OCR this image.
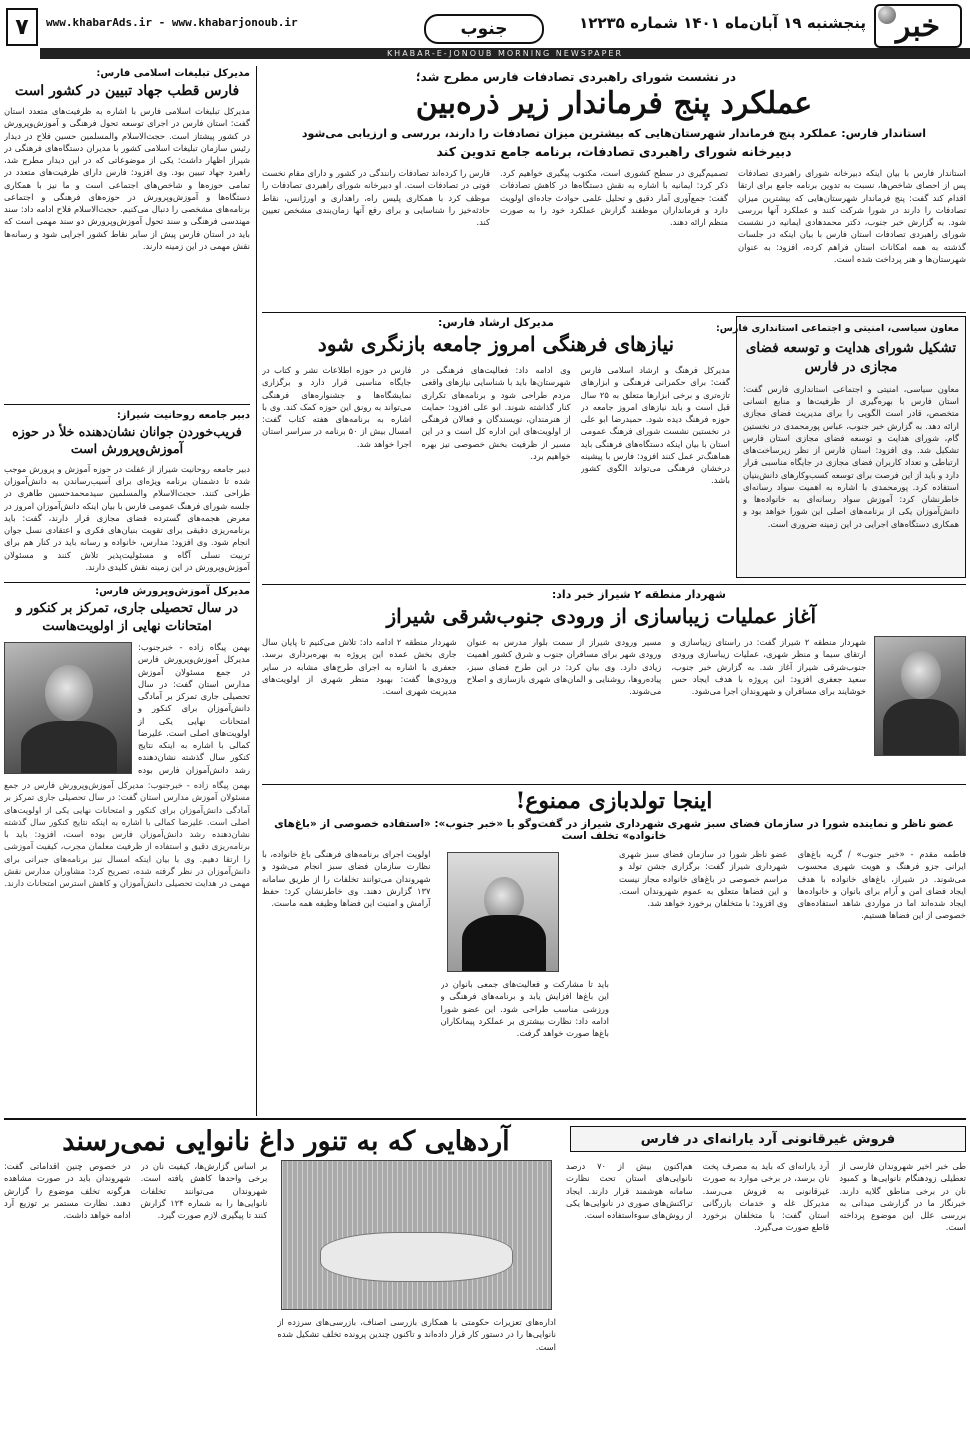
خبر
پنجشنبه ۱۹ آبان‌ماه ۱۴۰۱ شماره ۱۲۲۳۵
جنوب
www.khabarAds.ir - www.khabarjonoub.ir
۷
KHABAR-E-JONOUB MORNING NEWSPAPER
مدیرکل تبلیغات اسلامی فارس:
فارس قطب جهاد تبیین در کشور است
مدیرکل تبلیغات اسلامی فارس با اشاره به ظرفیت‌های متعدد استان گفت: استان فارس در اجرای توسعه تحول فرهنگی و آموزش‌وپرورش در کشور پیشتاز است. حجت‌الاسلام والمسلمین حسین فلاح در دیدار رئیس سازمان تبلیغات اسلامی کشور با مدیران دستگاه‌های فرهنگی در شیراز اظهار داشت: یکی از موضوعاتی که در این دیدار مطرح شد، راهبرد جهاد تبیین بود. وی افزود: فارس دارای ظرفیت‌های متعدد در تمامی حوزه‌ها و شاخص‌های اجتماعی است و ما نیز با همکاری دستگاه‌ها و آموزش‌وپرورش در حوزه‌های فرهنگی و اجتماعی برنامه‌های مشخصی را دنبال می‌کنیم. حجت‌الاسلام فلاح ادامه داد: سند مهندسی فرهنگی و سند تحول آموزش‌وپرورش دو سند مهمی است که باید در استان فارس پیش از سایر نقاط کشور اجرایی شود و رسانه‌ها نقش مهمی در این زمینه دارند.
دبیر جامعه روحانیت شیراز:
فریب‌خوردن جوانان نشان‌دهنده خلأ در حوزه آموزش‌وپرورش است
دبیر جامعه روحانیت شیراز از غفلت در حوزه آموزش و پرورش موجب شده تا دشمنان برنامه ویژه‌ای برای آسیب‌رساندن به دانش‌آموزان طراحی کنند. حجت‌الاسلام والمسلمین سید‌محمدحسین طاهری در جلسه شورای فرهنگ عمومی فارس با بیان اینکه دانش‌آموزان امروز در معرض هجمه‌های گسترده فضای مجازی قرار دارند، گفت: باید برنامه‌ریزی دقیقی برای تقویت بنیان‌های فکری و اعتقادی نسل جوان انجام شود. وی افزود: مدارس، خانواده و رسانه باید در کنار هم برای تربیت نسلی آگاه و مسئولیت‌پذیر تلاش کنند و مسئولان آموزش‌وپرورش در این زمینه نقش کلیدی دارند.
مدیرکل آموزش‌وپرورش فارس:
در سال تحصیلی جاری، تمرکز بر کنکور و امتحانات نهایی از اولویت‌هاست
بهمن پیگاه زاده - خبرجنوب: مدیرکل آموزش‌وپرورش فارس در جمع مسئولان آموزش مدارس استان گفت: در سال تحصیلی جاری تمرکز بر آمادگی دانش‌آموزان برای کنکور و امتحانات نهایی یکی از اولویت‌های اصلی است. علیرضا کمالی با اشاره به اینکه نتایج کنکور سال گذشته نشان‌دهنده رشد دانش‌آموزان فارس بوده
بهمن پیگاه زاده - خبرجنوب: مدیرکل آموزش‌وپرورش فارس در جمع مسئولان آموزش مدارس استان گفت: در سال تحصیلی جاری تمرکز بر آمادگی دانش‌آموزان برای کنکور و امتحانات نهایی یکی از اولویت‌های اصلی است. علیرضا کمالی با اشاره به اینکه نتایج کنکور سال گذشته نشان‌دهنده رشد دانش‌آموزان فارس بوده است، افزود: باید با برنامه‌ریزی دقیق و استفاده از ظرفیت معلمان مجرب، کیفیت آموزشی را ارتقا دهیم. وی با بیان اینکه امسال نیز برنامه‌های جبرانی برای دانش‌آموزان در نظر گرفته شده، تصریح کرد: مشاوران مدارس نقش مهمی در هدایت تحصیلی دانش‌آموزان و کاهش استرس امتحانات دارند.
در نشست شورای راهبردی تصادفات فارس مطرح شد؛
عملکرد پنج فرماندار زیر ذره‌بین
استاندار فارس: عملکرد پنج فرماندار شهرستان‌هایی که بیشترین میزان تصادفات را دارند، بررسی و ارزیابی می‌شود
دبیرخانه شورای راهبردی تصادفات، برنامه جامع تدوین کند
استاندار فارس با بیان اینکه دبیرخانه شورای راهبردی تصادفات پس از احصای شاخص‌ها، نسبت به تدوین برنامه جامع برای ارتقا اقدام کند گفت: پنج فرماندار شهرستان‌هایی که بیشترین میزان تصادفات را دارند در شورا شرکت کنند و عملکرد آنها بررسی شود. به گزارش خبر جنوب، دکتر محمدهادی ایمانیه در نشست شورای راهبردی تصادفات استان فارس با بیان اینکه در جلسات گذشته به همه امکانات استان فراهم کرده، افزود: به عنوان شهرستان‌ها و هنر پرداخت شده است.
تصمیم‌گیری در سطح کشوری است، مکتوب پیگیری خواهیم کرد. ذکر کرد: ایمانیه با اشاره به نقش دستگاه‌ها در کاهش تصادفات گفت: جمع‌آوری آمار دقیق و تحلیل علمی حوادث جاده‌ای اولویت دارد و فرمانداران موظفند گزارش عملکرد خود را به صورت منظم ارائه دهند.
فارس را کرده‌اند تصادفات رانندگی در کشور و دارای مقام نخست فوتی در تصادفات است. او دبیرخانه شورای راهبردی تصادفات را موظف کرد با همکاری پلیس راه، راهداری و اورژانس، نقاط حادثه‌خیز را شناسایی و برای رفع آنها زمان‌بندی مشخص تعیین کند.
معاون سیاسی، امنیتی و اجتماعی استانداری فارس:
تشکیل شورای هدایت و توسعه فضای مجازی در فارس
معاون سیاسی، امنیتی و اجتماعی استانداری فارس گفت: استان فارس با بهره‌گیری از ظرفیت‌ها و منابع انسانی متخصص، قادر است الگویی را برای مدیریت فضای مجازی ارائه دهد. به گزارش خبر جنوب، عباس پورمحمدی در نخستین گام، شورای هدایت و توسعه فضای مجازی استان فارس تشکیل شد. وی افزود: استان فارس از نظر زیرساخت‌های ارتباطی و تعداد کاربران فضای مجازی در جایگاه مناسبی قرار دارد و باید از این فرصت برای توسعه کسب‌وکارهای دانش‌بنیان استفاده کرد. پورمحمدی با اشاره به اهمیت سواد رسانه‌ای خاطرنشان کرد: آموزش سواد رسانه‌ای به خانواده‌ها و دانش‌آموزان یکی از برنامه‌های اصلی این شورا خواهد بود و همکاری دستگاه‌های اجرایی در این زمینه ضروری است.
مدیرکل ارشاد فارس:
نیازهای فرهنگی امروز جامعه بازنگری شود
مدیرکل فرهنگ و ارشاد اسلامی فارس گفت: برای حکمرانی فرهنگی و ابزارهای تازه‌تری و برخی ابزارها متعلق به ۲۵ سال قبل است و باید نیازهای امروز جامعه در حوزه فرهنگ دیده شود. حمیدرضا ابو علی در نخستین نشست شورای فرهنگ عمومی استان با بیان اینکه دستگاه‌های فرهنگی باید هماهنگ‌تر عمل کنند افزود: فارس با پیشینه درخشان فرهنگی می‌تواند الگوی کشور باشد.
وی ادامه داد: فعالیت‌های فرهنگی در شهرستان‌ها باید با شناسایی نیازهای واقعی مردم طراحی شود و برنامه‌های تکراری کنار گذاشته شوند. ابو علی افزود: حمایت از هنرمندان، نویسندگان و فعالان فرهنگی از اولویت‌های این اداره کل است و در این مسیر از ظرفیت بخش خصوصی نیز بهره خواهیم برد.
فارس در حوزه اطلاعات نشر و کتاب در جایگاه مناسبی قرار دارد و برگزاری نمایشگاه‌ها و جشنواره‌های فرهنگی می‌تواند به رونق این حوزه کمک کند. وی با اشاره به برنامه‌های هفته کتاب گفت: امسال بیش از ۵۰ برنامه در سراسر استان اجرا خواهد شد.
شهردار منطقه ۲ شیراز خبر داد:
آغاز عملیات زیباسازی از ورودی جنوب‌شرقی شیراز
شهردار منطقه ۲ شیراز گفت: در راستای زیباسازی و ارتقای سیما و منظر شهری، عملیات زیباسازی ورودی جنوب‌شرقی شیراز آغاز شد. به گزارش خبر جنوب، سعید جعفری افزود: این پروژه با هدف ایجاد حس خوشایند برای مسافران و شهروندان اجرا می‌شود.
مسیر ورودی شیراز از سمت بلوار مدرس به عنوان ورودی شهر برای مسافران جنوب و شرق کشور اهمیت زیادی دارد. وی بیان کرد: در این طرح فضای سبز، پیاده‌روها، روشنایی و المان‌های شهری بازسازی و اصلاح می‌شوند.
شهردار منطقه ۲ ادامه داد: تلاش می‌کنیم تا پایان سال جاری بخش عمده این پروژه به بهره‌برداری برسد. جعفری با اشاره به اجرای طرح‌های مشابه در سایر ورودی‌ها گفت: بهبود منظر شهری از اولویت‌های مدیریت شهری است.
اینجا تولدبازی ممنوع!
عضو ناظر و نماینده شورا در سازمان فضای سبز شهری شهرداری شیراز در گفت‌وگو با «خبر جنوب»: «استفاده خصوصی از «باغ‌های خانواده» تخلف است
فاطمه مقدم - «خبر جنوب» / گریه باغ‌های ایرانی جزو فرهنگ و هویت شهری محسوب می‌شوند. در شیراز، باغ‌های خانواده با هدف ایجاد فضای امن و آرام برای بانوان و خانواده‌ها ایجاد شده‌اند اما در مواردی شاهد استفاده‌های خصوصی از این فضاها هستیم.
عضو ناظر شورا در سازمان فضای سبز شهری شهرداری شیراز گفت: برگزاری جشن تولد و مراسم خصوصی در باغ‌های خانواده مجاز نیست و این فضاها متعلق به عموم شهروندان است. وی افزود: با متخلفان برخورد خواهد شد.
باید تا مشارکت و فعالیت‌های جمعی بانوان در این باغ‌ها افزایش یابد و برنامه‌های فرهنگی و ورزشی مناسب طراحی شود. این عضو شورا ادامه داد: نظارت بیشتری بر عملکرد پیمانکاران باغ‌ها صورت خواهد گرفت.
اولویت اجرای برنامه‌های فرهنگی باغ خانواده، با نظارت سازمان فضای سبز انجام می‌شود و شهروندان می‌توانند تخلفات را از طریق سامانه ۱۳۷ گزارش دهند. وی خاطرنشان کرد: حفظ آرامش و امنیت این فضاها وظیفه همه ماست.
فروش غیرقانونی آرد یارانه‌ای در فارس
آردهایی که به تنور داغ نانوایی نمی‌رسند
طی خبر اخیر شهروندان فارسی از تعطیلی زودهنگام نانوایی‌ها و کمبود نان در برخی مناطق گلایه دارند. خبرنگار ما در گزارشی میدانی به بررسی علل این موضوع پرداخته است.
آرد یارانه‌ای که باید به مصرف پخت نان برسد، در برخی موارد به صورت غیرقانونی به فروش می‌رسد. مدیرکل غله و خدمات بازرگانی استان گفت: با متخلفان برخورد قاطع صورت می‌گیرد.
هم‌اکنون بیش از ۷۰ درصد نانوایی‌های استان تحت نظارت سامانه هوشمند قرار دارند. ایجاد تراکنش‌های صوری در نانوایی‌ها یکی از روش‌های سوءاستفاده است.
اداره‌های تعزیرات حکومتی با همکاری بازرسی اصناف، بازرسی‌های سرزده از نانوایی‌ها را در دستور کار قرار داده‌اند و تاکنون چندین پرونده تخلف تشکیل شده است.
بر اساس گزارش‌ها، کیفیت نان در برخی واحدها کاهش یافته است. شهروندان می‌توانند تخلفات نانوایی‌ها را به شماره ۱۲۴ گزارش کنند تا پیگیری لازم صورت گیرد.
در خصوص چنین اقداماتی گفت: شهروندان باید در صورت مشاهده هرگونه تخلف موضوع را گزارش دهند. نظارت مستمر بر توزیع آرد ادامه خواهد داشت.
